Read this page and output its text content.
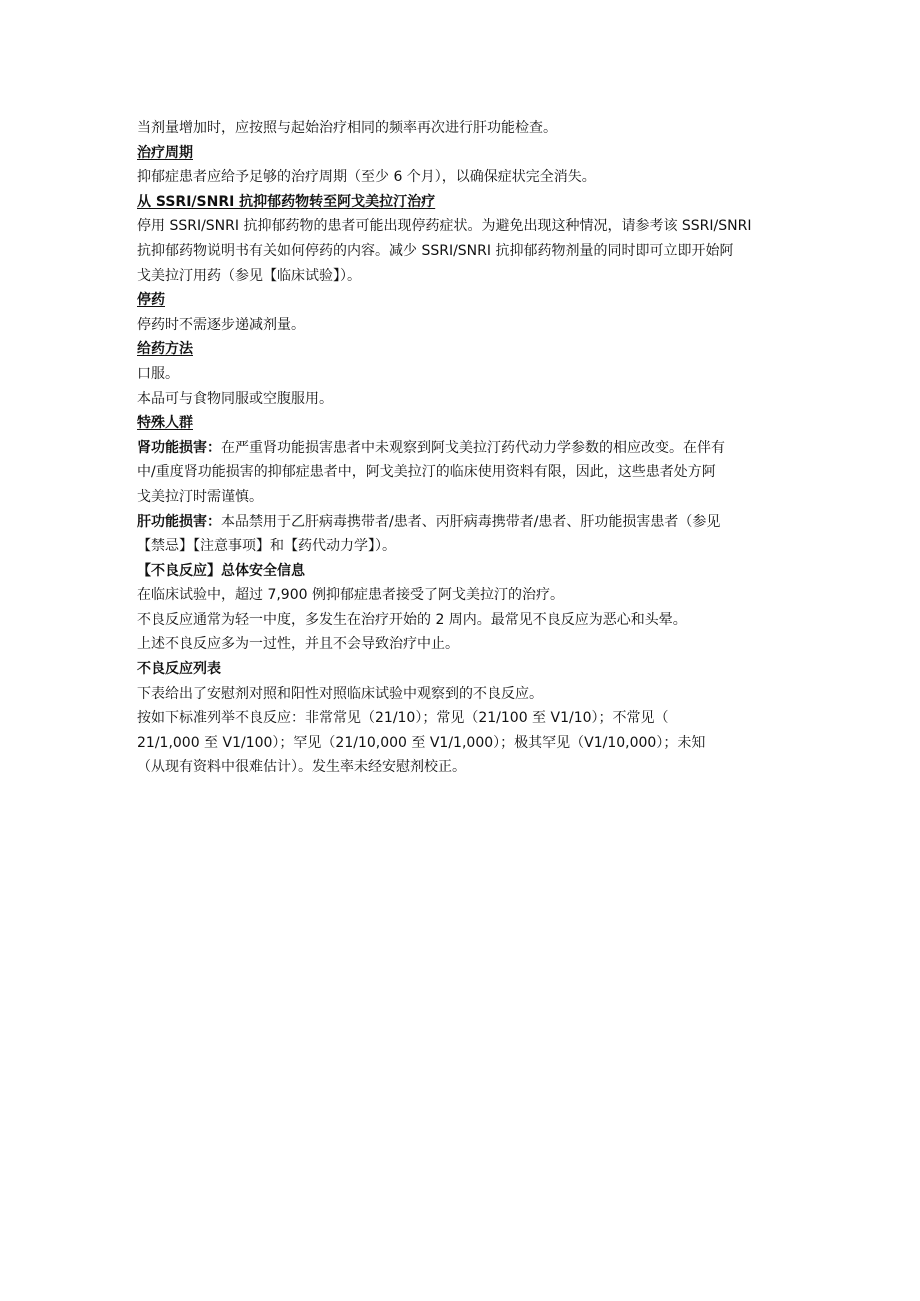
当剂量增加时，应按照与起始治疗相同的频率再次进行肝功能检查。

治疗周期

抑郁症患者应给予足够的治疗周期（至少 6 个月），以确保症状完全消失。

从 SSRI/SNRI 抗抑郁药物转至阿戈美拉汀治疗

停用 SSRI/SNRI 抗抑郁药物的患者可能出现停药症状。为避免出现这种情况，请参考该 SSRI/SNRI

抗抑郁药物说明书有关如何停药的内容。减少 SSRI/SNRI 抗抑郁药物剂量的同时即可立即开始阿

戈美拉汀用药（参见【临床试验】）。

停药

停药时不需逐步递减剂量。

给药方法

口服。

本品可与食物同服或空腹服用。

特殊人群

肾功能损害：在严重肾功能损害患者中未观察到阿戈美拉汀药代动力学参数的相应改变。在伴有

中/重度肾功能损害的抑郁症患者中，阿戈美拉汀的临床使用资料有限，因此，这些患者处方阿

戈美拉汀时需谨慎。

肝功能损害：本品禁用于乙肝病毒携带者/患者、丙肝病毒携带者/患者、肝功能损害患者（参见

【禁忌】【注意事项】和【药代动力学】）。

【不良反应】总体安全信息

在临床试验中，超过 7,900 例抑郁症患者接受了阿戈美拉汀的治疗。

不良反应通常为轻一中度，多发生在治疗开始的 2 周内。最常见不良反应为恶心和头晕。

上述不良反应多为一过性，并且不会导致治疗中止。

不良反应列表

下表给出了安慰剂对照和阳性对照临床试验中观察到的不良反应。

按如下标准列举不良反应：非常常见（21/10）；常见（21/100 至 V1/10）；不常见（

21/1,000 至 V1/100）；罕见（21/10,000 至 V1/1,000）；极其罕见（V1/10,000）；未知

（从现有资料中很难估计）。发生率未经安慰剂校正。
